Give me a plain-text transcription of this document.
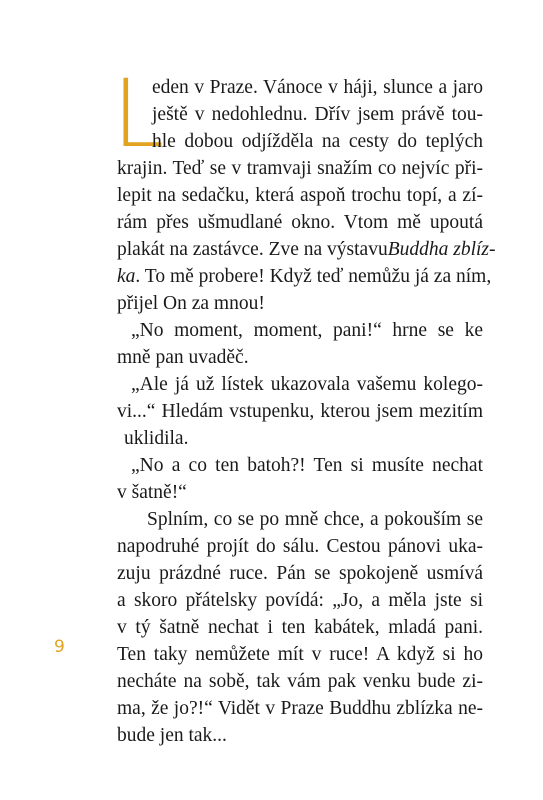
L
eden v Praze. Vánoce v háji, slunce a jaro
ještě v nedohlednu. Dřív jsem právě tou-
hle dobou odjížděla na cesty do teplých
krajin. Teď se v tramvaji snažím co nejvíc při-
lepit na sedačku, která aspoň trochu topí, a zí-
rám přes ušmudlané okno. Vtom mě upoutá
plakát na zastávce. Zve na výstavu Buddha zblíz -
ka . To mě probere! Když teď nemůžu já za ním,
přijel On za mnou!
„No moment, moment, pani!“ hrne se ke
mně pan uvaděč.
„Ale já už lístek ukazovala vašemu kolego-
vi...“ Hledám vstupenku, kterou jsem mezitím
uklidila.
„No a co ten batoh?! Ten si musíte nechat
v šatně!“
Splním, co se po mně chce, a pokouším se
napodruhé projít do sálu. Cestou pánovi uka-
zuju prázdné ruce. Pán se spokojeně usmívá
a skoro přátelsky povídá: „Jo, a měla jste si
v tý šatně nechat i ten kabátek, mladá pani.
Ten taky nemůžete mít v ruce! A když si ho
necháte na sobě, tak vám pak venku bude zi-
ma, že jo?!“ Vidět v Praze Buddhu zblízka ne-
bude jen tak...
9
